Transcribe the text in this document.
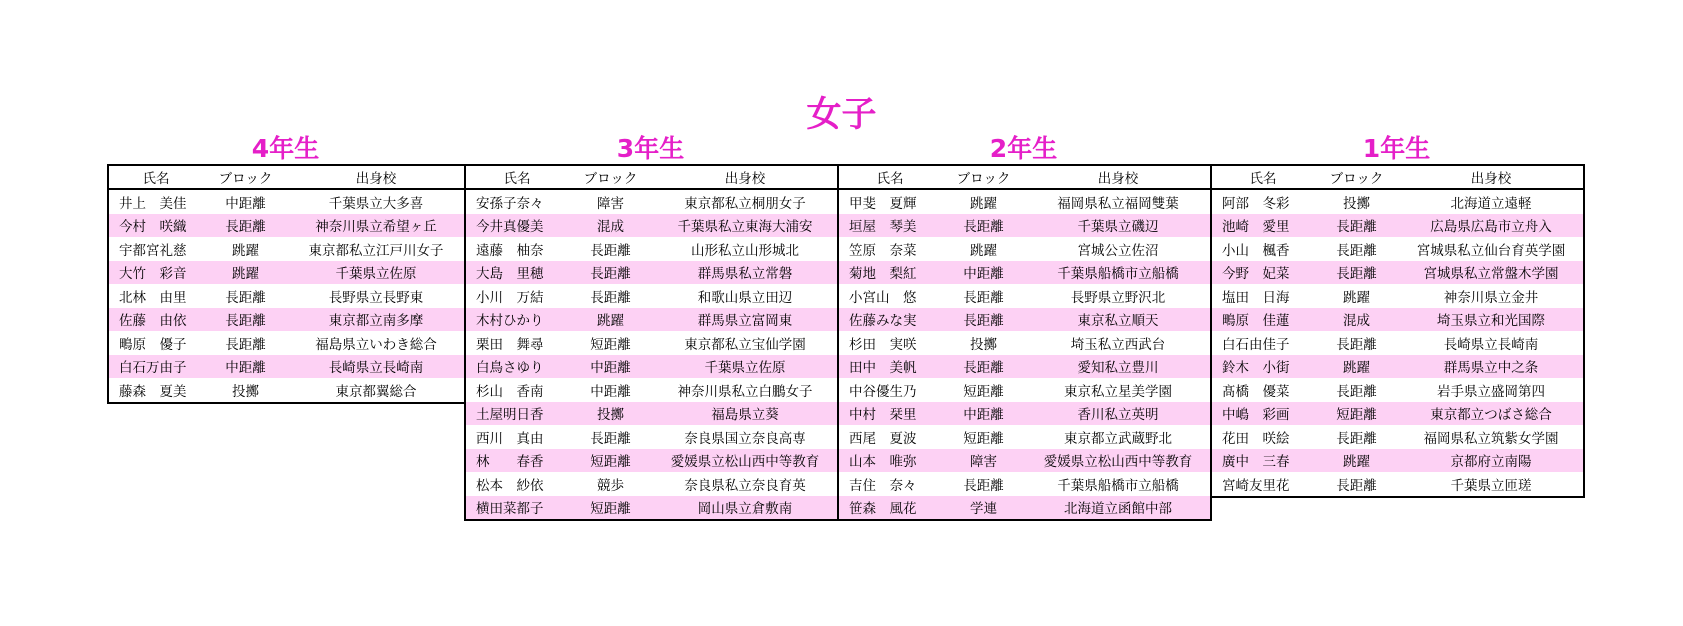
女子
4年生	3年生	2年生	1年生
氏名	ブロック	出身校
井上　美佳	中距離	千葉県立大多喜
今村　咲織	長距離	神奈川県立希望ヶ丘
宇都宮礼慈	跳躍	東京都私立江戸川女子
大竹　彩音	跳躍	千葉県立佐原
北林　由里	長距離	長野県立長野東
佐藤　由依	長距離	東京都立南多摩
鴫原　優子	長距離	福島県立いわき総合
白石万由子	中距離	長崎県立長崎南
藤森　夏美	投擲	東京都翼総合
氏名	ブロック	出身校
安孫子奈々	障害	東京都私立桐朋女子
今井真優美	混成	千葉県私立東海大浦安
遠藤　柚奈	長距離	山形私立山形城北
大島　里穂	長距離	群馬県私立常磐
小川　万結	長距離	和歌山県立田辺
木村ひかり	跳躍	群馬県立富岡東
栗田　舞尋	短距離	東京都私立宝仙学園
白鳥さゆり	中距離	千葉県立佐原
杉山　香南	中距離	神奈川県私立白鵬女子
土屋明日香	投擲	福島県立葵
西川　真由	長距離	奈良県国立奈良高専
林　　春香	短距離	愛媛県立松山西中等教育
松本　紗依	競歩	奈良県私立奈良育英
横田菜都子	短距離	岡山県立倉敷南
氏名	ブロック	出身校
甲斐　夏輝	跳躍	福岡県私立福岡雙葉
垣屋　琴美	長距離	千葉県立磯辺
笠原　奈菜	跳躍	宮城公立佐沼
菊地　梨紅	中距離	千葉県船橋市立船橋
小宮山　悠	長距離	長野県立野沢北
佐藤みな実	長距離	東京私立順天
杉田　実咲	投擲	埼玉私立西武台
田中　美帆	長距離	愛知私立豊川
中谷優生乃	短距離	東京私立星美学園
中村　栞里	中距離	香川私立英明
西尾　夏波	短距離	東京都立武蔵野北
山本　唯弥	障害	愛媛県立松山西中等教育
吉住　奈々	長距離	千葉県船橋市立船橋
笹森　風花	学連	北海道立函館中部
氏名	ブロック	出身校
阿部　冬彩	投擲	北海道立遠軽
池崎　愛里	長距離	広島県広島市立舟入
小山　楓香	長距離	宮城県私立仙台育英学園
今野　妃菜	長距離	宮城県私立常盤木学園
塩田　日海	跳躍	神奈川県立金井
鴫原　佳蓮	混成	埼玉県立和光国際
白石由佳子	長距離	長崎県立長崎南
鈴木　小街	跳躍	群馬県立中之条
髙橋　優菜	長距離	岩手県立盛岡第四
中嶋　彩画	短距離	東京都立つばさ総合
花田　咲絵	長距離	福岡県私立筑紫女学園
廣中　三春	跳躍	京都府立南陽
宮崎友里花	長距離	千葉県立匝瑳
